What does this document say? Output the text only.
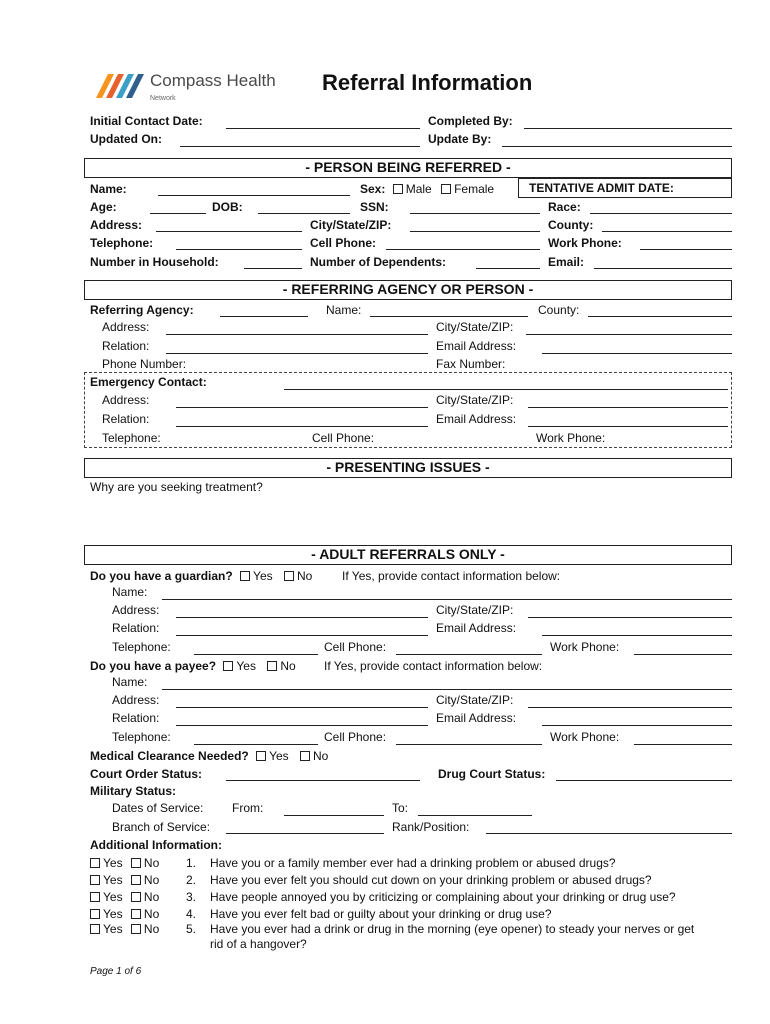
Compass Health
Network
Referral Information
Initial Contact Date:	Completed By:
Updated On:	Update By:
- PERSON BEING REFERRED -
Name:	Sex: Male Female	TENTATIVE ADMIT DATE:
Age:	DOB:	SSN:	Race:
Address:	City/State/ZIP:	County:
Telephone:	Cell Phone:	Work Phone:
Number in Household:	Number of Dependents:	Email:
- REFERRING AGENCY OR PERSON -
Referring Agency:	Name:	County:
Address:	City/State/ZIP:
Relation:	Email Address:
Phone Number:	Fax Number:
Emergency Contact:
Address:	City/State/ZIP:
Relation:	Email Address:
Telephone:	Cell Phone:	Work Phone:
- PRESENTING ISSUES -
Why are you seeking treatment?
- ADULT REFERRALS ONLY -
Do you have a guardian? Yes No If Yes, provide contact information below:
Name:
Address:	City/State/ZIP:
Relation:	Email Address:
Telephone:	Cell Phone:	Work Phone:
Do you have a payee? Yes No If Yes, provide contact information below:
Name:
Address:	City/State/ZIP:
Relation:	Email Address:
Telephone:	Cell Phone:	Work Phone:
Medical Clearance Needed? Yes No
Court Order Status:	Drug Court Status:
Military Status:
Dates of Service: From:	To:
Branch of Service:	Rank/Position:
Additional Information:
Yes No 1. Have you or a family member ever had a drinking problem or abused drugs?
Yes No 2. Have you ever felt you should cut down on your drinking problem or abused drugs?
Yes No 3. Have people annoyed you by criticizing or complaining about your drinking or drug use?
Yes No 4. Have you ever felt bad or guilty about your drinking or drug use?
Yes No 5. Have you ever had a drink or drug in the morning (eye opener) to steady your nerves or get
rid of a hangover?
Page 1 of 6
